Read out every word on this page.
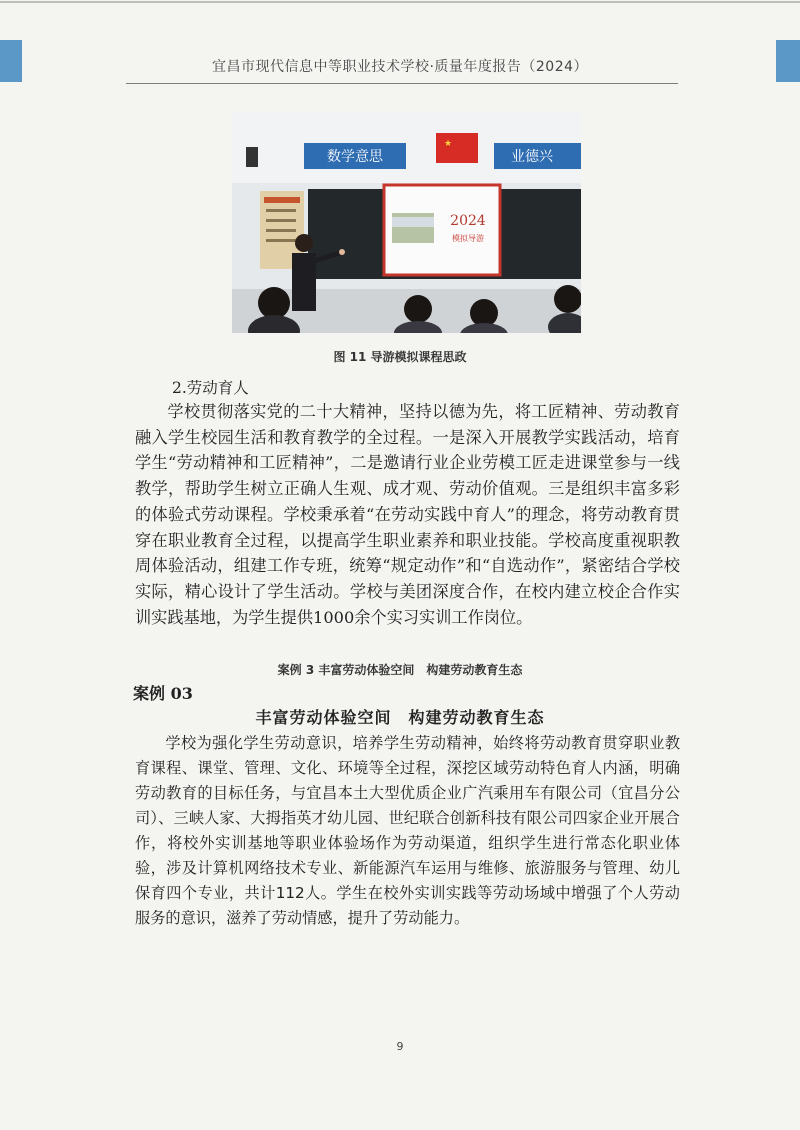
宜昌市现代信息中等职业技术学校·质量年度报告（2024）
数学意思
★
业德兴
2024
模拟导游
图 11 导游模拟课程思政
2.劳动育人

学校贯彻落实党的二十大精神，坚持以德为先，将工匠精神、劳动教育融入学生校园生活和教育教学的全过程。一是深入开展教学实践活动，培育学生“劳动精神和工匠精神”，二是邀请行业企业劳模工匠走进课堂参与一线教学，帮助学生树立正确人生观、成才观、劳动价值观。三是组织丰富多彩的体验式劳动课程。学校秉承着“在劳动实践中育人”的理念，将劳动教育贯穿在职业教育全过程，以提高学生职业素养和职业技能。学校高度重视职教周体验活动，组建工作专班，统筹“规定动作”和“自选动作”，紧密结合学校实际，精心设计了学生活动。学校与美团深度合作，在校内建立校企合作实训实践基地，为学生提供1000余个实习实训工作岗位。

案例 3 丰富劳动体验空间　构建劳动教育生态
案例 03
丰富劳动体验空间　构建劳动教育生态

学校为强化学生劳动意识，培养学生劳动精神，始终将劳动教育贯穿职业教育课程、课堂、管理、文化、环境等全过程，深挖区域劳动特色育人内涵，明确劳动教育的目标任务，与宜昌本土大型优质企业广汽乘用车有限公司（宜昌分公司）、三峡人家、大拇指英才幼儿园、世纪联合创新科技有限公司四家企业开展合作，将校外实训基地等职业体验场作为劳动渠道，组织学生进行常态化职业体验，涉及计算机网络技术专业、新能源汽车运用与维修、旅游服务与管理、幼儿保育四个专业，共计112人。学生在校外实训实践等劳动场域中增强了个人劳动服务的意识，滋养了劳动情感，提升了劳动能力。

9
